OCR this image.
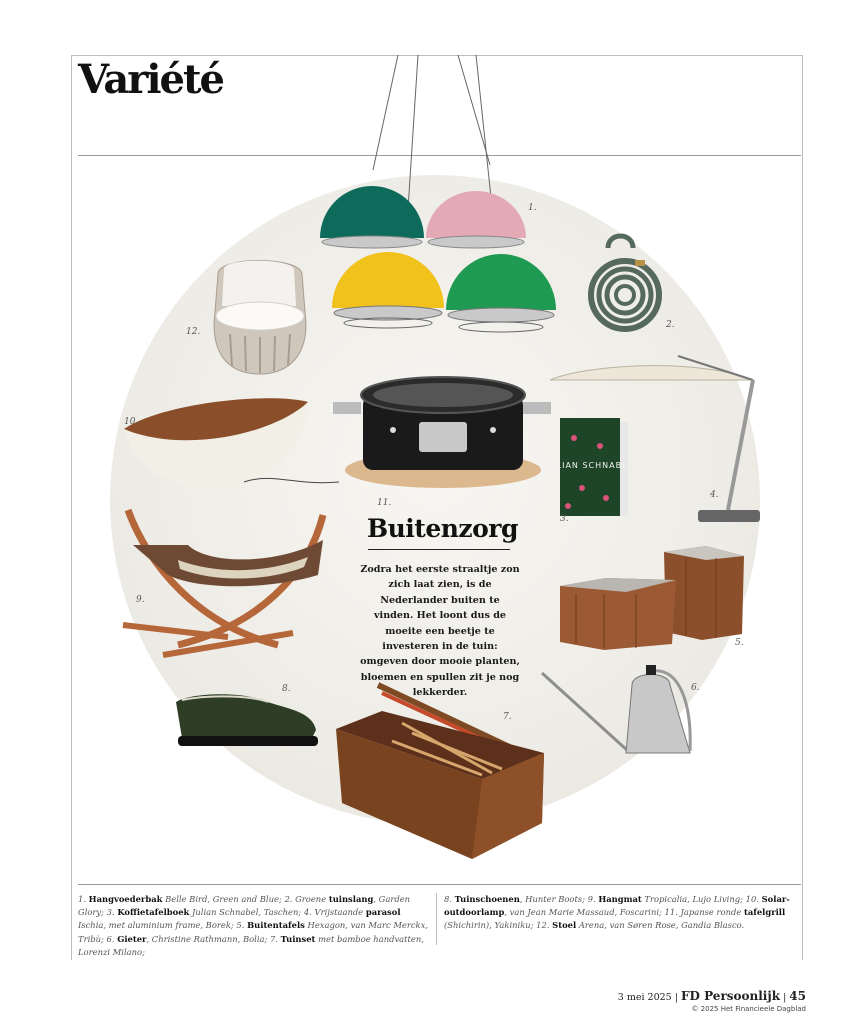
Variété
JULIAN SCHNABEL
1.
2.
3.
4.
5.
6.
7.
8.
9.
10.
11.
12.
Buitenzorg
Zodra het eerste straaltje zon zich laat zien, is de Nederlander buiten te vinden. Het loont dus de moeite een beetje te investeren in de tuin: omgeven door mooie planten, bloemen en spullen zit je nog lekkerder.
1. Hangvoederbak Belle Bird, Green and Blue; 2. Groene tuinslang, Garden Glory; 3. Koffietafelboek Julian Schnabel, Taschen; 4. Vrijstaande parasol Ischia, met aluminium frame, Borek; 5. Buitentafels Hexagon, van Marc Merckx, Tribù; 6. Gieter, Christine Rathmann, Bolia; 7. Tuinset met bamboe handvatten, Lorenzi Milano;
8. Tuinschoenen, Hunter Boots; 9. Hangmat Tropicalia, Lujo Living; 10. Solar-outdoorlamp, van Jean Marie Massaud, Foscarini; 11. Japanse ronde tafelgrill (Shichirin), Yakiniku; 12. Stoel Arena, van Søren Rose, Gandia Blasco.
3 mei 2025 | FD Persoonlijk | 45
© 2025 Het Financieele Dagblad
